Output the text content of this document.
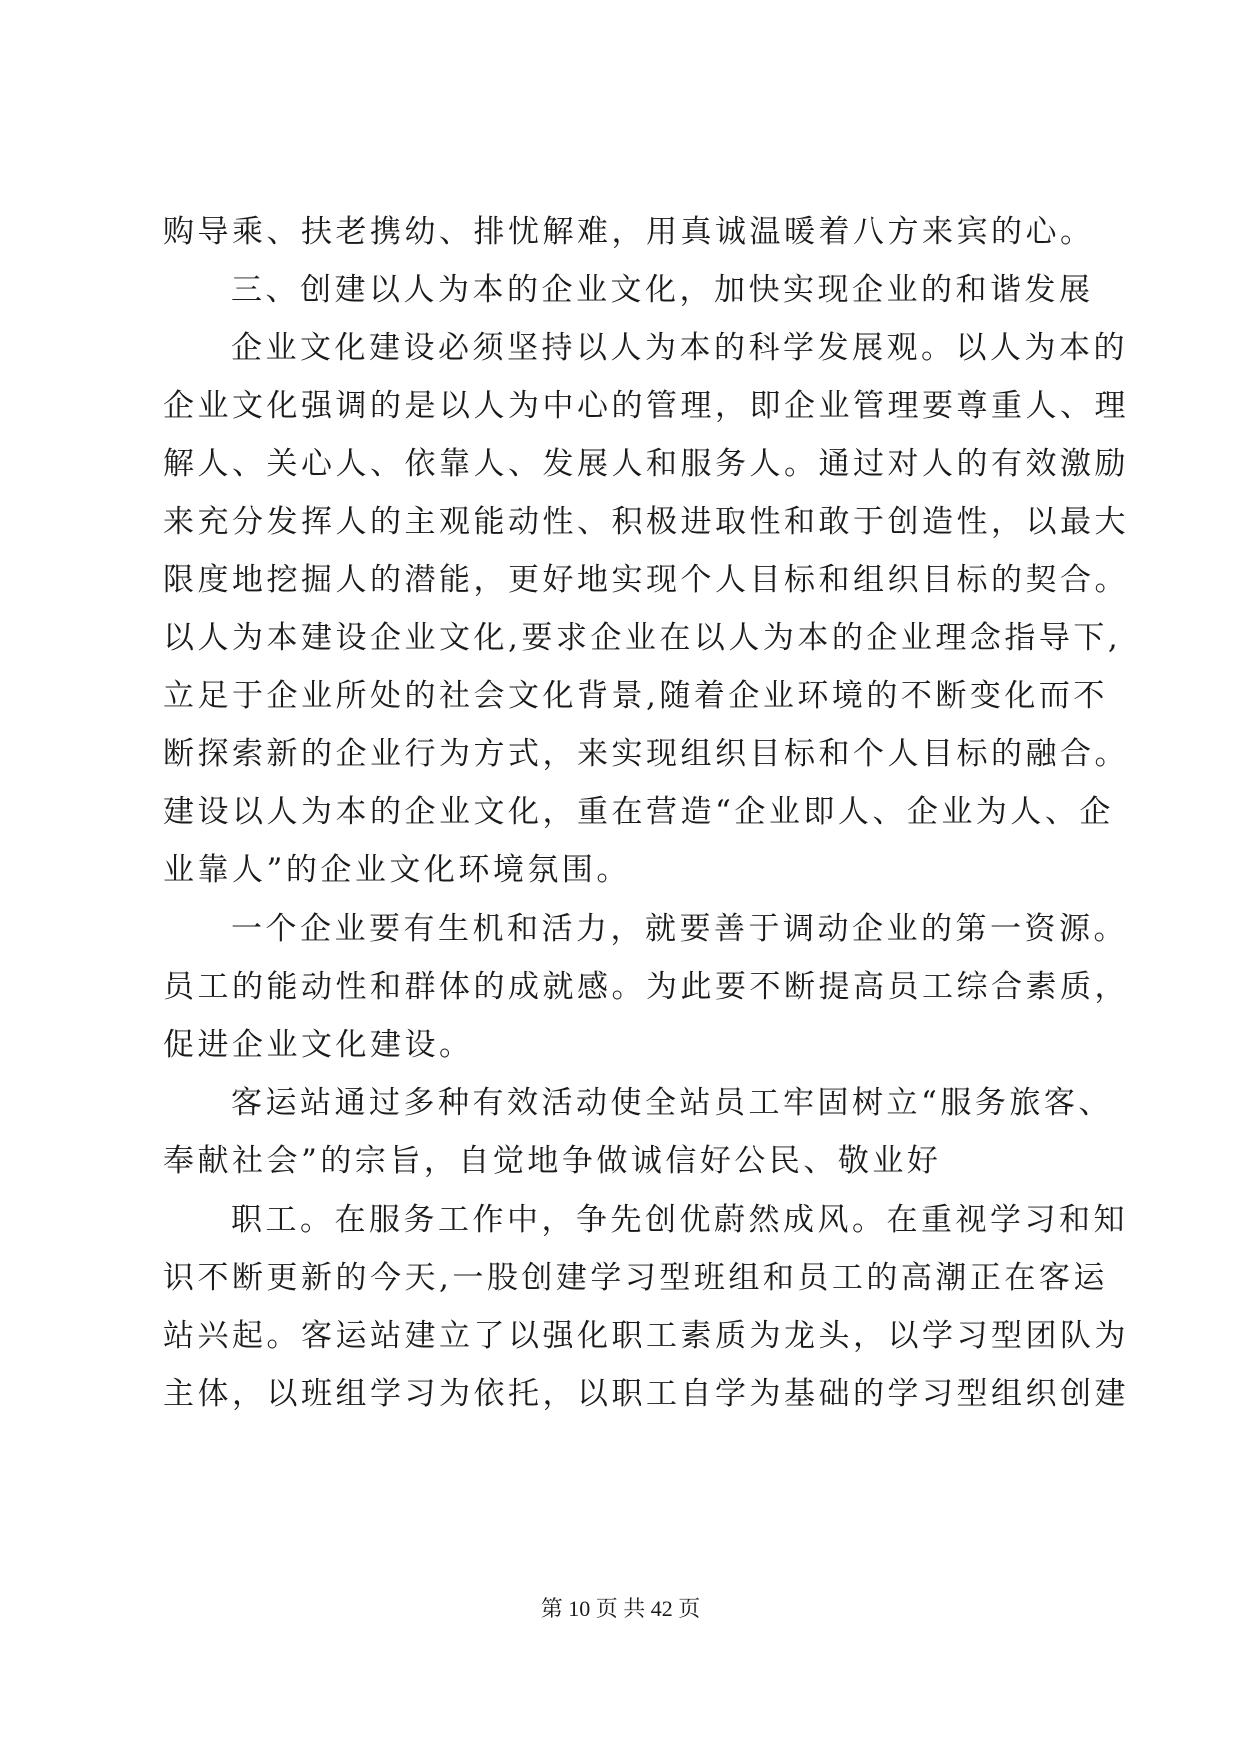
购导乘、扶老携幼、排忧解难，用真诚温暖着八方来宾的心。
三、创建以人为本的企业文化，加快实现企业的和谐发展
企业文化建设必须坚持以人为本的科学发展观。以人为本的
企业文化强调的是以人为中心的管理，即企业管理要尊重人、理
解人、关心人、依靠人、发展人和服务人。通过对人的有效激励
来充分发挥人的主观能动性、积极进取性和敢于创造性，以最大
限度地挖掘人的潜能，更好地实现个人目标和组织目标的契合。
以人为本建设企业文化,要求企业在以人为本的企业理念指导下,
立足于企业所处的社会文化背景,随着企业环境的不断变化而不
断探索新的企业行为方式，来实现组织目标和个人目标的融合。
建设以人为本的企业文化，重在营造“企业即人、企业为人、企
业靠人”的企业文化环境氛围。
一个企业要有生机和活力，就要善于调动企业的第一资源。
员工的能动性和群体的成就感。为此要不断提高员工综合素质，
促进企业文化建设。
客运站通过多种有效活动使全站员工牢固树立“服务旅客、
奉献社会”的宗旨，自觉地争做诚信好公民、敬业好
职工。在服务工作中，争先创优蔚然成风。在重视学习和知
识不断更新的今天,一股创建学习型班组和员工的高潮正在客运
站兴起。客运站建立了以强化职工素质为龙头，以学习型团队为
主体，以班组学习为依托，以职工自学为基础的学习型组织创建
第 10 页 共 42 页
